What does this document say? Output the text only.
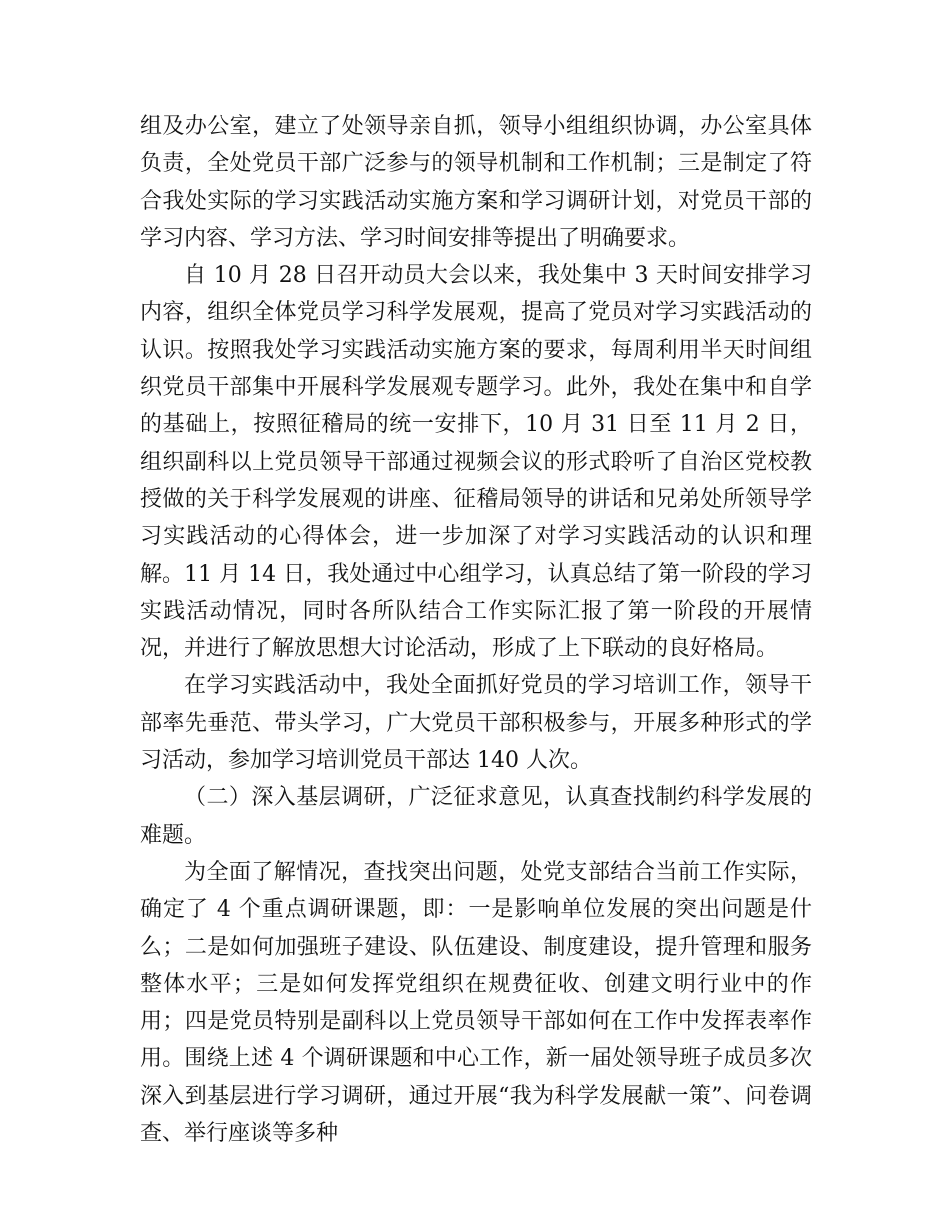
组及办公室，建立了处领导亲自抓，领导小组组织协调，办公室具体负责，全处党员干部广泛参与的领导机制和工作机制；三是制定了符合我处实际的学习实践活动实施方案和学习调研计划，对党员干部的学习内容、学习方法、学习时间安排等提出了明确要求。

自 10 月 28 日召开动员大会以来，我处集中 3 天时间安排学习内容，组织全体党员学习科学发展观，提高了党员对学习实践活动的认识。按照我处学习实践活动实施方案的要求，每周利用半天时间组织党员干部集中开展科学发展观专题学习。此外，我处在集中和自学的基础上，按照征稽局的统一安排下，10 月 31 日至 11 月 2 日，组织副科以上党员领导干部通过视频会议的形式聆听了自治区党校教授做的关于科学发展观的讲座、征稽局领导的讲话和兄弟处所领导学习实践活动的心得体会，进一步加深了对学习实践活动的认识和理解。11 月 14 日，我处通过中心组学习，认真总结了第一阶段的学习实践活动情况，同时各所队结合工作实际汇报了第一阶段的开展情况，并进行了解放思想大讨论活动，形成了上下联动的良好格局。

在学习实践活动中，我处全面抓好党员的学习培训工作，领导干部率先垂范、带头学习，广大党员干部积极参与，开展多种形式的学习活动，参加学习培训党员干部达 140 人次。

（二）深入基层调研，广泛征求意见，认真查找制约科学发展的难题。

为全面了解情况，查找突出问题，处党支部结合当前工作实际，确定了 4 个重点调研课题，即：一是影响单位发展的突出问题是什么；二是如何加强班子建设、队伍建设、制度建设，提升管理和服务整体水平；三是如何发挥党组织在规费征收、创建文明行业中的作用；四是党员特别是副科以上党员领导干部如何在工作中发挥表率作用。围绕上述 4 个调研课题和中心工作，新一届处领导班子成员多次深入到基层进行学习调研，通过开展“我为科学发展献一策”、问卷调查、举行座谈等多种
